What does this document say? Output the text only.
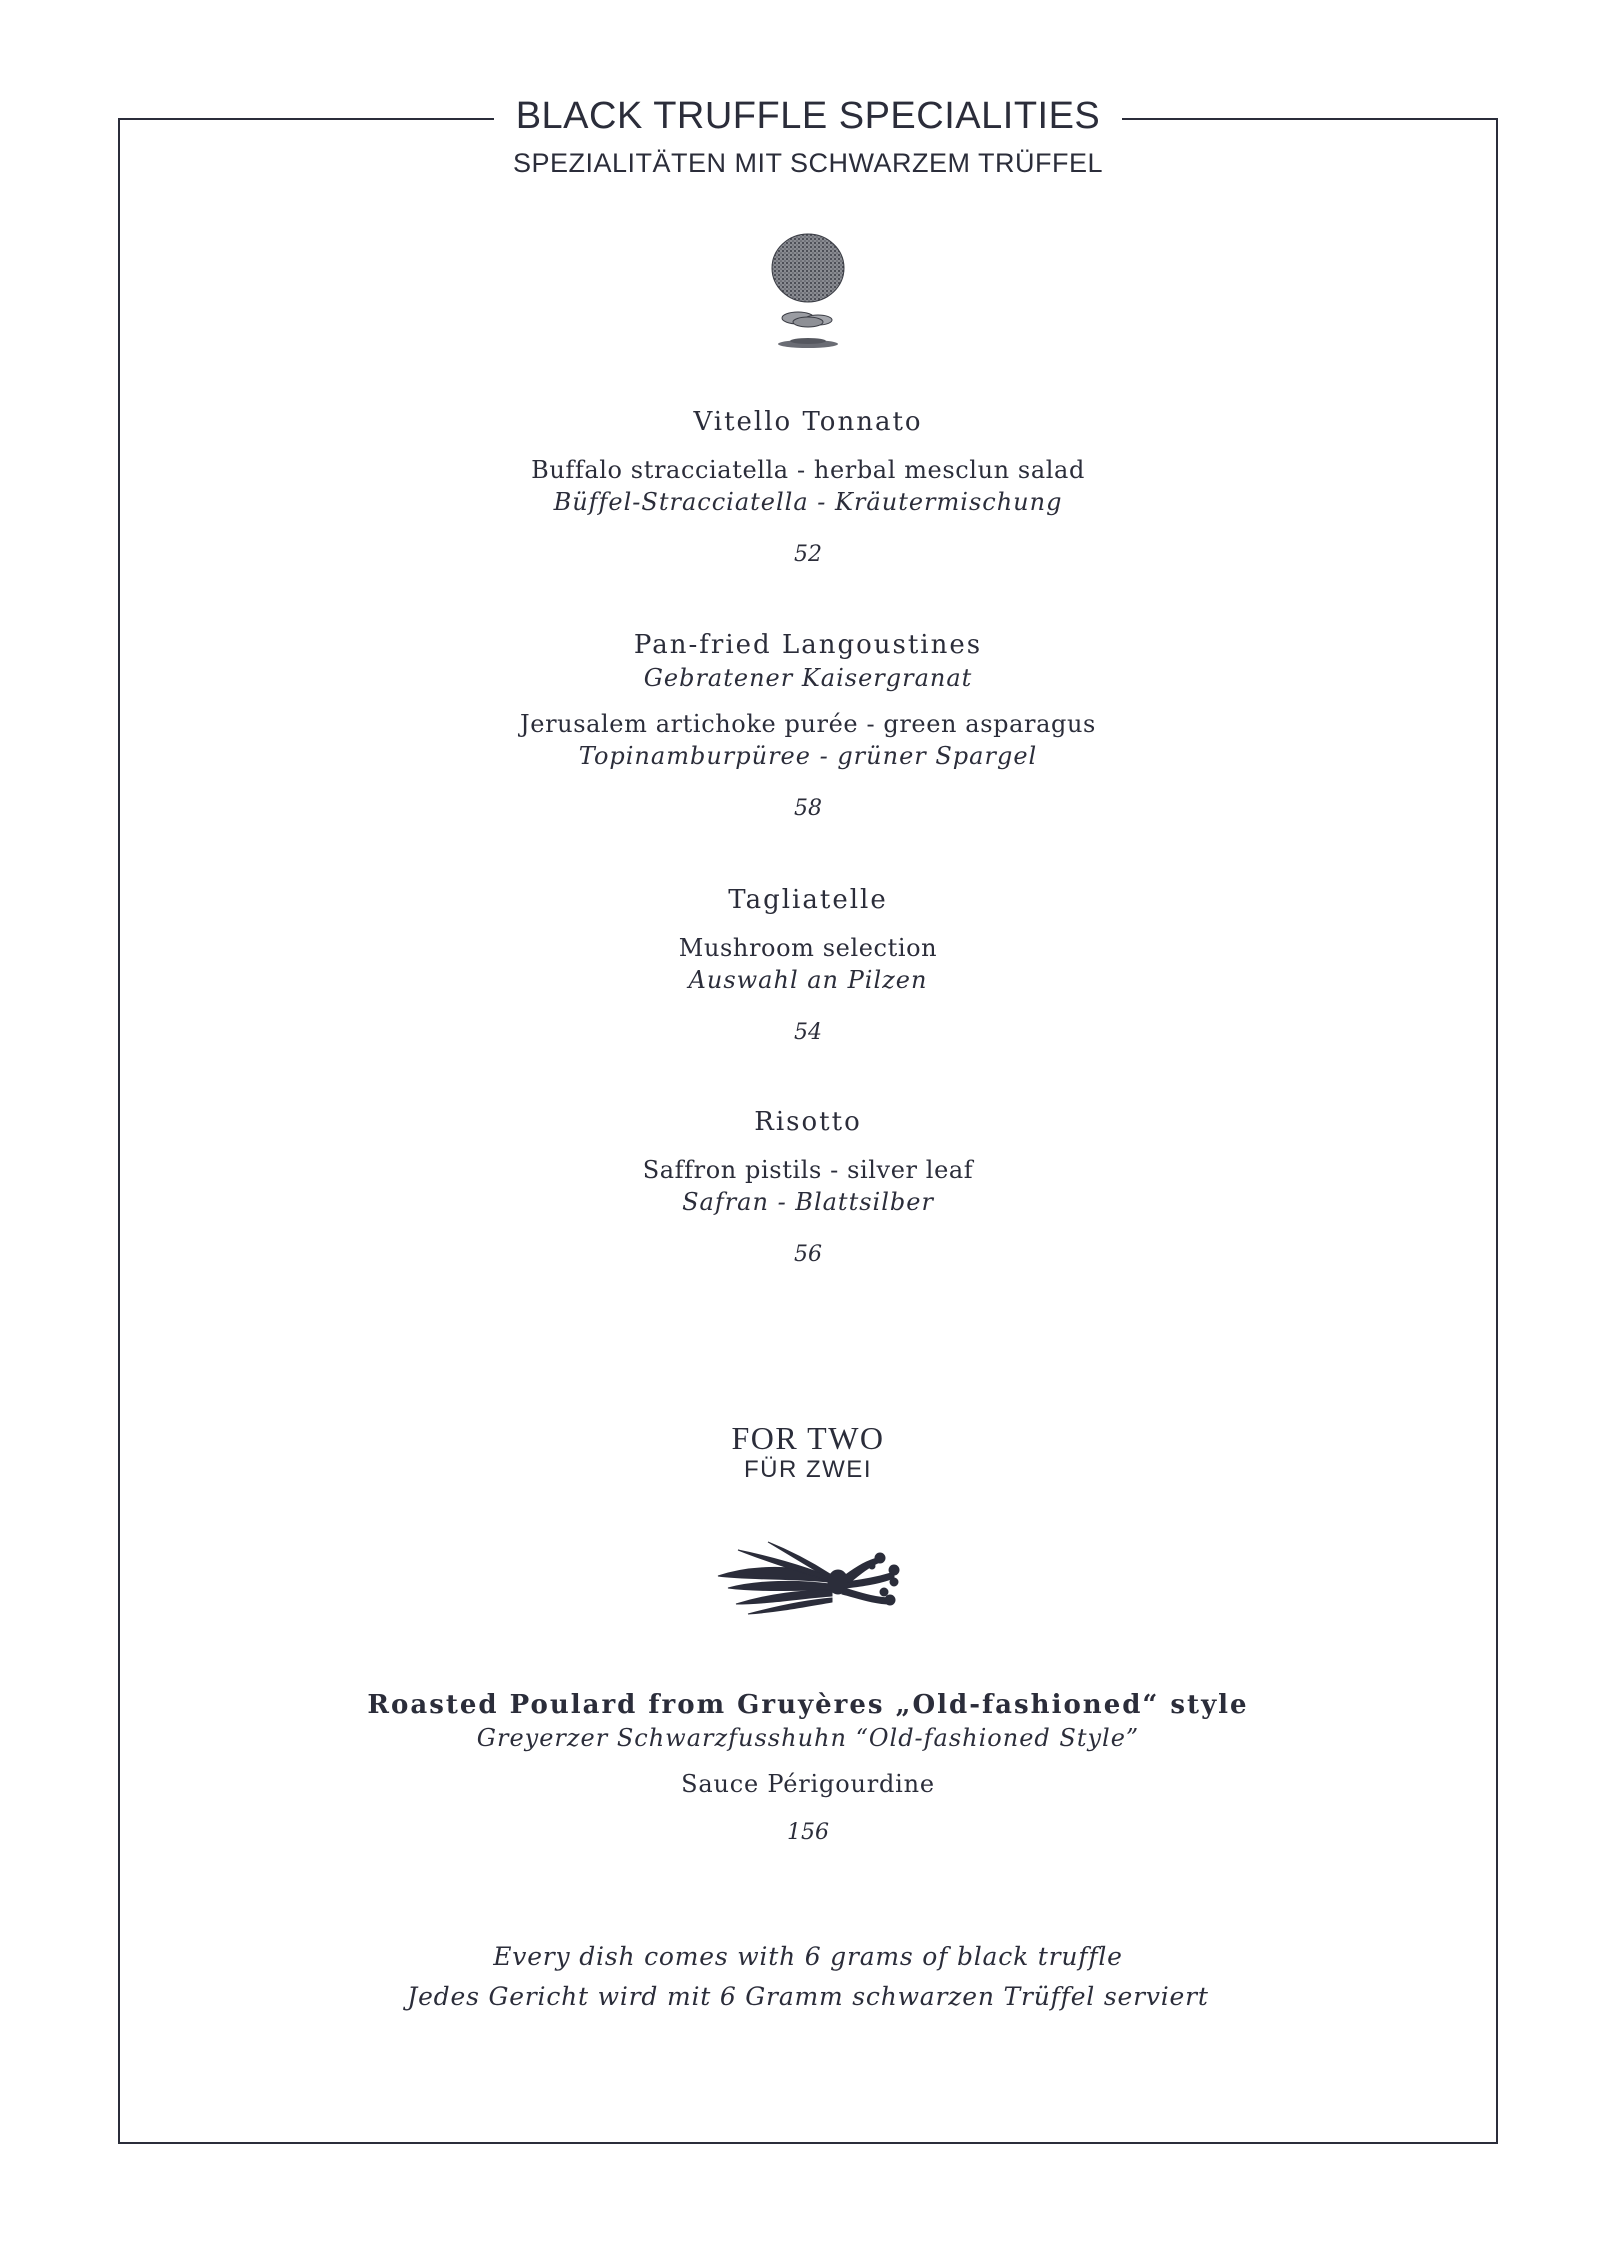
BLACK TRUFFLE SPECIALITIES
SPEZIALITÄTEN MIT SCHWARZEM TRÜFFEL

Vitello Tonnato

Buffalo stracciatella - herbal mesclun salad

Büffel-Stracciatella - Kräutermischung

52

Pan-fried Langoustines

Gebratener Kaisergranat

Jerusalem artichoke purée - green asparagus

Topinamburpüree - grüner Spargel

58

Tagliatelle

Mushroom selection

Auswahl an Pilzen

54

Risotto

Saffron pistils - silver leaf

Safran - Blattsilber

56

FOR TWO

FÜR ZWEI

Roasted Poulard from Gruyères „Old-fashioned“ style

Greyerzer Schwarzfusshuhn “Old-fashioned Style”

Sauce Périgourdine

156

Every dish comes with 6 grams of black truffle

Jedes Gericht wird mit 6 Gramm schwarzen Trüffel serviert
